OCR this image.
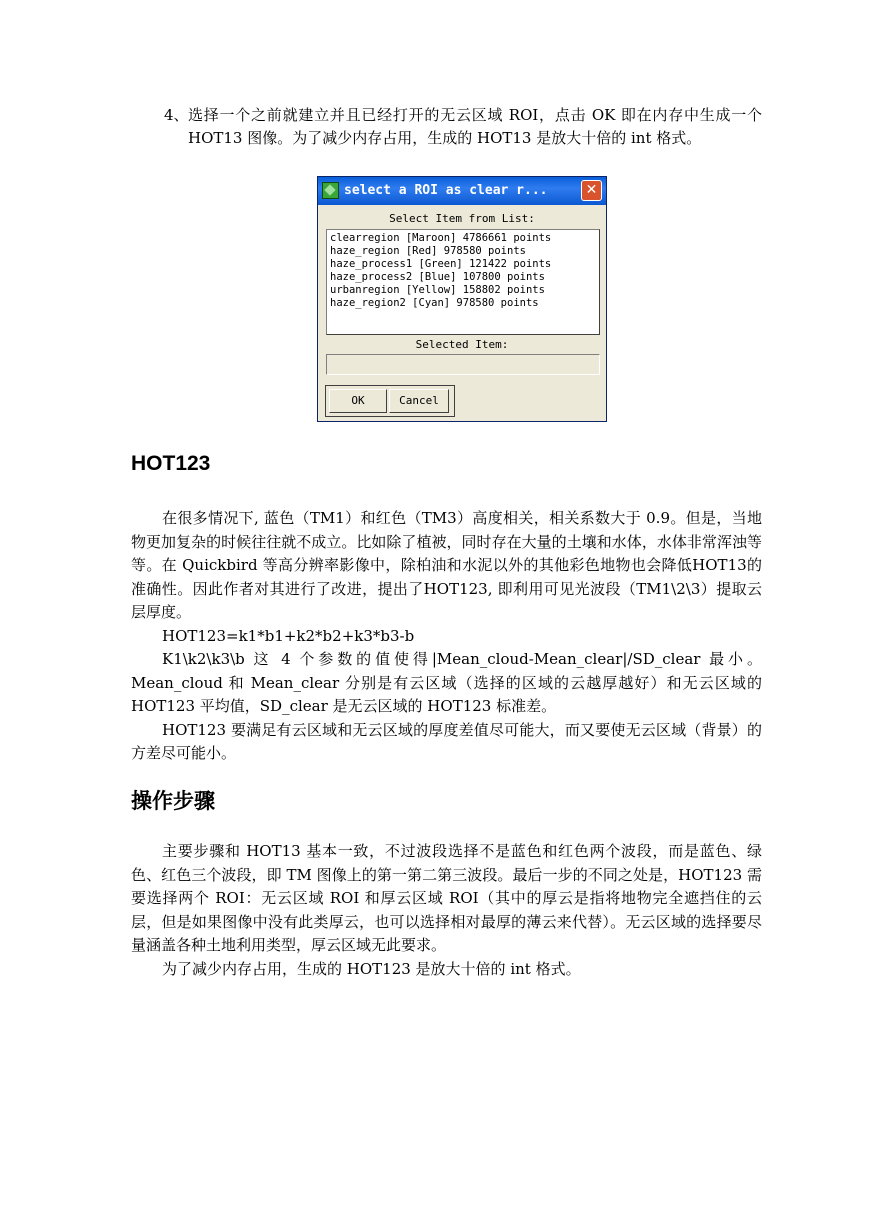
4、 选择一个之前就建立并且已经打开的无云区域 ROI，点击 OK 即在内存中生成一个 HOT13 图像。为了减少内存占用，生成的 HOT13 是放大十倍的 int 格式。
select a ROI as clear r...	✕
Select Item from List:
clearregion [Maroon] 4786661 points
haze_region [Red] 978580 points
haze_process1 [Green] 121422 points
haze_process2 [Blue] 107800 points
urbanregion [Yellow] 158802 points
haze_region2 [Cyan] 978580 points
Selected Item:
OK	Cancel
HOT123

在很多情况下, 蓝色（TM1）和红色（TM3）高度相关，相关系数大于 0.9。但是，当地物更加复杂的时候往往就不成立。比如除了植被，同时存在大量的土壤和水体，水体非常浑浊等等。在 Quickbird 等高分辨率影像中，除柏油和水泥以外的其他彩色地物也会降低HOT13的准确性。因此作者对其进行了改进，提出了HOT123, 即利用可见光波段（TM1\2\3）提取云层厚度。

HOT123=k1*b1+k2*b2+k3*b3-b

K1\k2\k3\b 这 4 个参数的值使得|Mean_cloud-Mean_clear|/SD_clear 最小。Mean_cloud 和 Mean_clear 分别是有云区域（选择的区域的云越厚越好）和无云区域的 HOT123 平均值，SD_clear 是无云区域的 HOT123 标准差。

HOT123 要满足有云区域和无云区域的厚度差值尽可能大，而又要使无云区域（背景）的方差尽可能小。

操作步骤

主要步骤和 HOT13 基本一致，不过波段选择不是蓝色和红色两个波段，而是蓝色、绿色、红色三个波段，即 TM 图像上的第一第二第三波段。最后一步的不同之处是，HOT123 需要选择两个 ROI：无云区域 ROI 和厚云区域 ROI（其中的厚云是指将地物完全遮挡住的云层，但是如果图像中没有此类厚云，也可以选择相对最厚的薄云来代替）。无云区域的选择要尽量涵盖各种土地利用类型，厚云区域无此要求。

为了减少内存占用，生成的 HOT123 是放大十倍的 int 格式。
